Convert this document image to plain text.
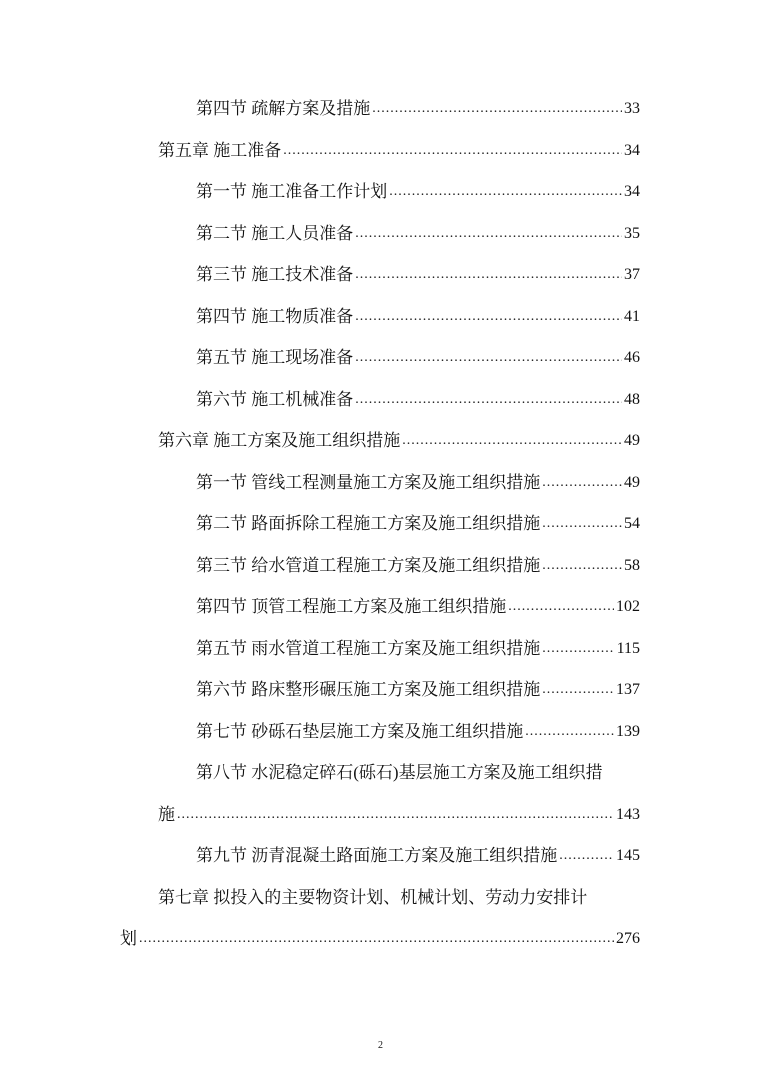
第四节 疏解方案及措施 .....	33
第五章 施工准备 .....	34
第一节 施工准备工作计划 .....	34
第二节 施工人员准备 .....	35
第三节 施工技术准备 .....	37
第四节 施工物质准备 .....	41
第五节 施工现场准备 .....	46
第六节 施工机械准备 .....	48
第六章 施工方案及施工组织措施 .....	49
第一节 管线工程测量施工方案及施工组织措施 .....	49
第二节 路面拆除工程施工方案及施工组织措施 .....	54
第三节 给水管道工程施工方案及施工组织措施 .....	58
第四节 顶管工程施工方案及施工组织措施 .....	102
第五节 雨水管道工程施工方案及施工组织措施 .....	115
第六节 路床整形碾压施工方案及施工组织措施 .....	137
第七节 砂砾石垫层施工方案及施工组织措施 .....	139
第八节 水泥稳定碎石(砾石)基层施工方案及施工组织措
施 .....	143
第九节 沥青混凝土路面施工方案及施工组织措施 .....	145
第七章 拟投入的主要物资计划、机械计划、劳动力安排计
划 .....	276
2
